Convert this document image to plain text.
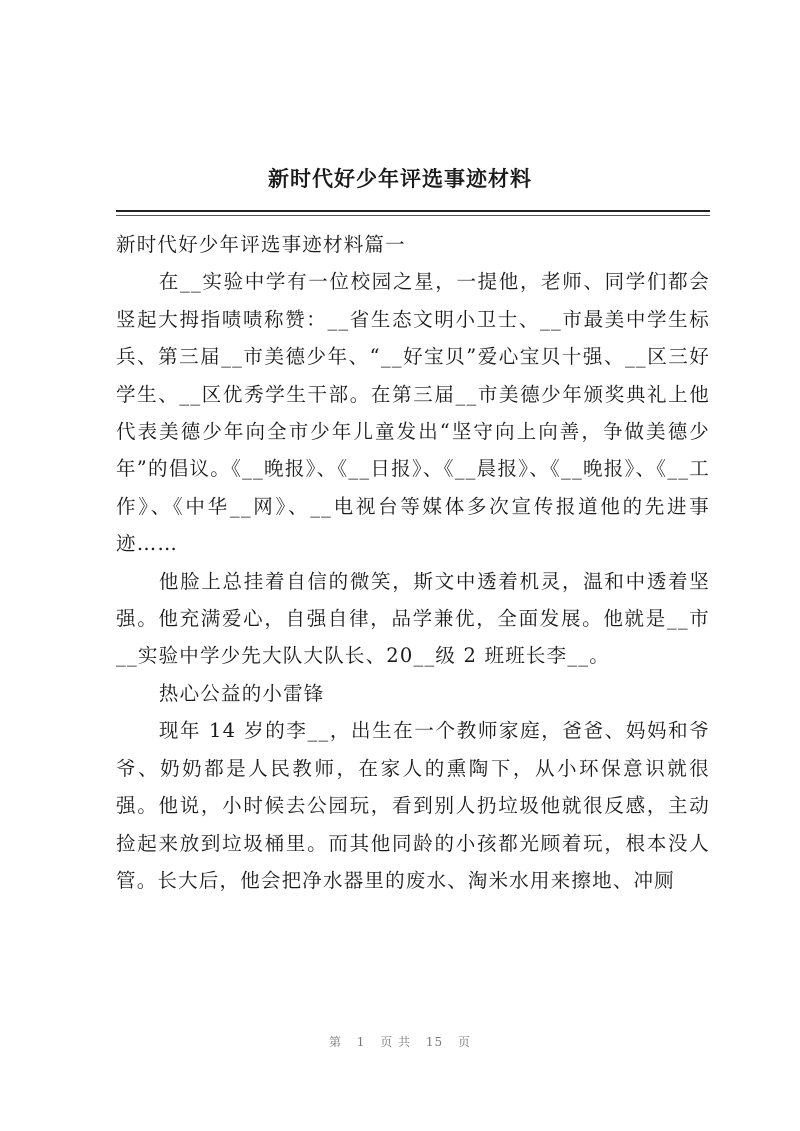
新时代好少年评选事迹材料

新时代好少年评选事迹材料篇一

在__实验中学有一位校园之星，一提他，老师、同学们都会竖起大拇指啧啧称赞：__省生态文明小卫士、__市最美中学生标兵、第三届__市美德少年、“__好宝贝”爱心宝贝十强、__区三好学生、__区优秀学生干部。在第三届__市美德少年颁奖典礼上他代表美德少年向全市少年儿童发出“坚守向上向善，争做美德少年”的倡议。《__晚报》、《__日报》、《__晨报》、《__晚报》、《__工作》、《中华__网》、__电视台等媒体多次宣传报道他的先进事迹……

他脸上总挂着自信的微笑，斯文中透着机灵，温和中透着坚强。他充满爱心，自强自律，品学兼优，全面发展。他就是__市__实验中学少先大队大队长、20__级 2 班班长李__。

热心公益的小雷锋

现年 14 岁的李__，出生在一个教师家庭，爸爸、妈妈和爷爷、奶奶都是人民教师，在家人的熏陶下，从小环保意识就很强。他说，小时候去公园玩，看到别人扔垃圾他就很反感，主动捡起来放到垃圾桶里。而其他同龄的小孩都光顾着玩，根本没人管。长大后，他会把净水器里的废水、淘米水用来擦地、冲厕

第 1 页 共 15 页
